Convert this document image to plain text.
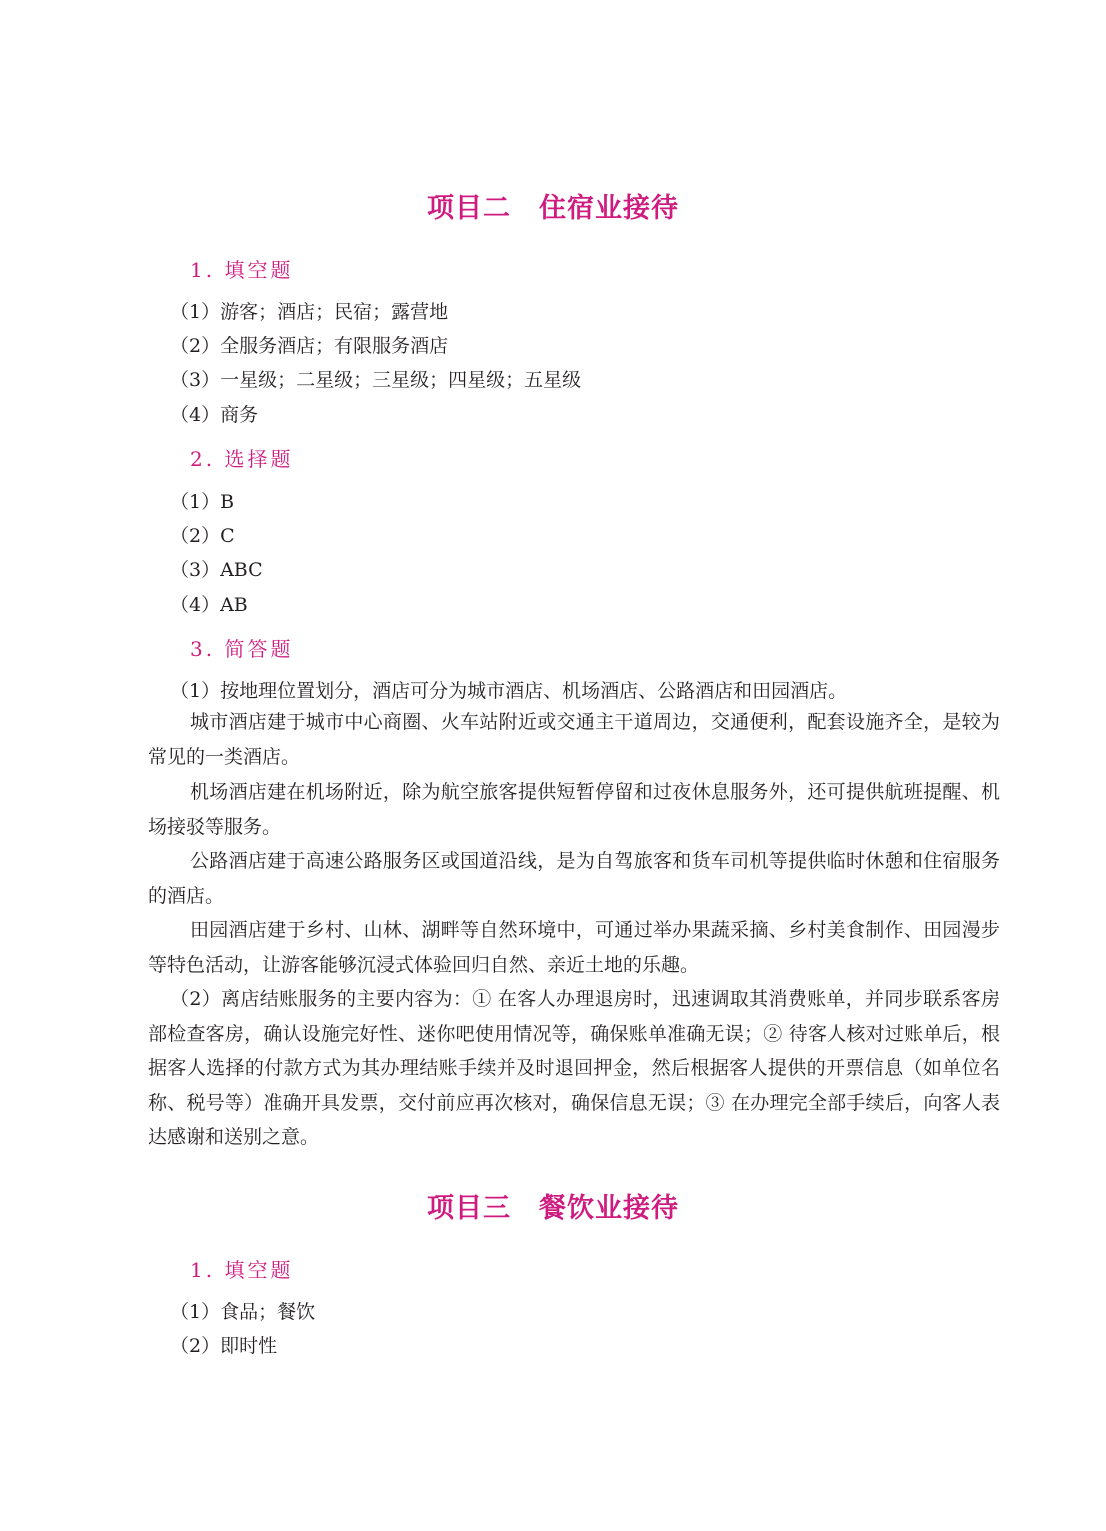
项目二　住宿业接待
1. 填空题
（1）游客；酒店；民宿；露营地
（2）全服务酒店；有限服务酒店
（3）一星级；二星级；三星级；四星级；五星级
（4）商务
2. 选择题
（1）B
（2）C
（3）ABC
（4）AB
3. 简答题
（1）按地理位置划分，酒店可分为城市酒店、机场酒店、公路酒店和田园酒店。
城市酒店建于城市中心商圈、火车站附近或交通主干道周边，交通便利，配套设施齐全，是较为常见的一类酒店。
机场酒店建在机场附近，除为航空旅客提供短暂停留和过夜休息服务外，还可提供航班提醒、机场接驳等服务。
公路酒店建于高速公路服务区或国道沿线，是为自驾旅客和货车司机等提供临时休憩和住宿服务的酒店。
田园酒店建于乡村、山林、湖畔等自然环境中，可通过举办果蔬采摘、乡村美食制作、田园漫步等特色活动，让游客能够沉浸式体验回归自然、亲近土地的乐趣。
（2）离店结账服务的主要内容为：① 在客人办理退房时，迅速调取其消费账单，并同步联系客房部检查客房，确认设施完好性、迷你吧使用情况等，确保账单准确无误；② 待客人核对过账单后，根据客人选择的付款方式为其办理结账手续并及时退回押金，然后根据客人提供的开票信息（如单位名称、税号等）准确开具发票，交付前应再次核对，确保信息无误；③ 在办理完全部手续后，向客人表达感谢和送别之意。
项目三　餐饮业接待
1. 填空题
（1）食品；餐饮
（2）即时性
